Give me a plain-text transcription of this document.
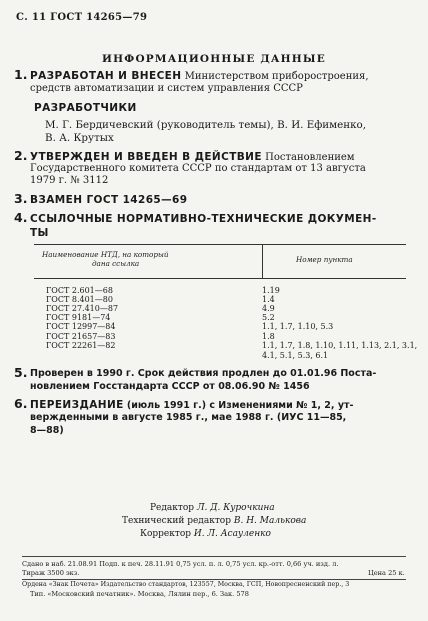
С. 11 ГОСТ 14265—79
ИНФОРМАЦИОННЫЕ ДАННЫЕ
1. РАЗРАБОТАН И ВНЕСЕН Министерством приборостроения,
средств автоматизации и систем управления СССР
РАЗРАБОТЧИКИ
М. Г. Бердичевский (руководитель темы), В. И. Ефименко,
В. А. Крутых
2. УТВЕРЖДЕН И ВВЕДЕН В ДЕЙСТВИЕ Постановлением
Государственного комитета СССР по стандартам от 13 августа
1979 г. № 3112
3. ВЗАМЕН ГОСТ 14265—69
4. ССЫЛОЧНЫЕ НОРМАТИВНО-ТЕХНИЧЕСКИЕ ДОКУМЕН-
ТЫ
Наименование НТД, на который
дана ссылка	Номер пункта
ГОСТ 2.601—68	1.19
ГОСТ 8.401—80	1.4
ГОСТ 27.410—87	4.9
ГОСТ 9181—74	5.2
ГОСТ 12997—84	1.1, 1.7, 1.10, 5.3
ГОСТ 21657—83	1.8
ГОСТ 22261—82	1.1, 1.7, 1.8, 1.10, 1.11, 1.13, 2.1, 3.1,
4.1, 5.1, 5.3, 6.1
5. Проверен в 1990 г. Срок действия продлен до 01.01.96 Поста-
новлением Госстандарта СССР от 08.06.90 № 1456
6. ПЕРЕИЗДАНИЕ (июль 1991 г.) с Изменениями № 1, 2, ут-
вержденными в августе 1985 г., мае 1988 г. (ИУС 11—85,
8—88)
Редактор Л. Д. Курочкина
Технический редактор В. Н. Малькова
Корректор И. Л. Асауленко
Сдано в наб. 21.08.91 Подп. к печ. 28.11.91 0,75 усл. п. л. 0,75 усл. кр.-отт. 0,66 уч. изд. л.
Тираж 3500 экз.	Цена 25 к.
Ордена «Знак Почета» Издательство стандартов, 123557, Москва, ГСП, Новопресненский пер., 3
Тип. «Московский печатник». Москва, Лялин пер., 6. Зак. 578
